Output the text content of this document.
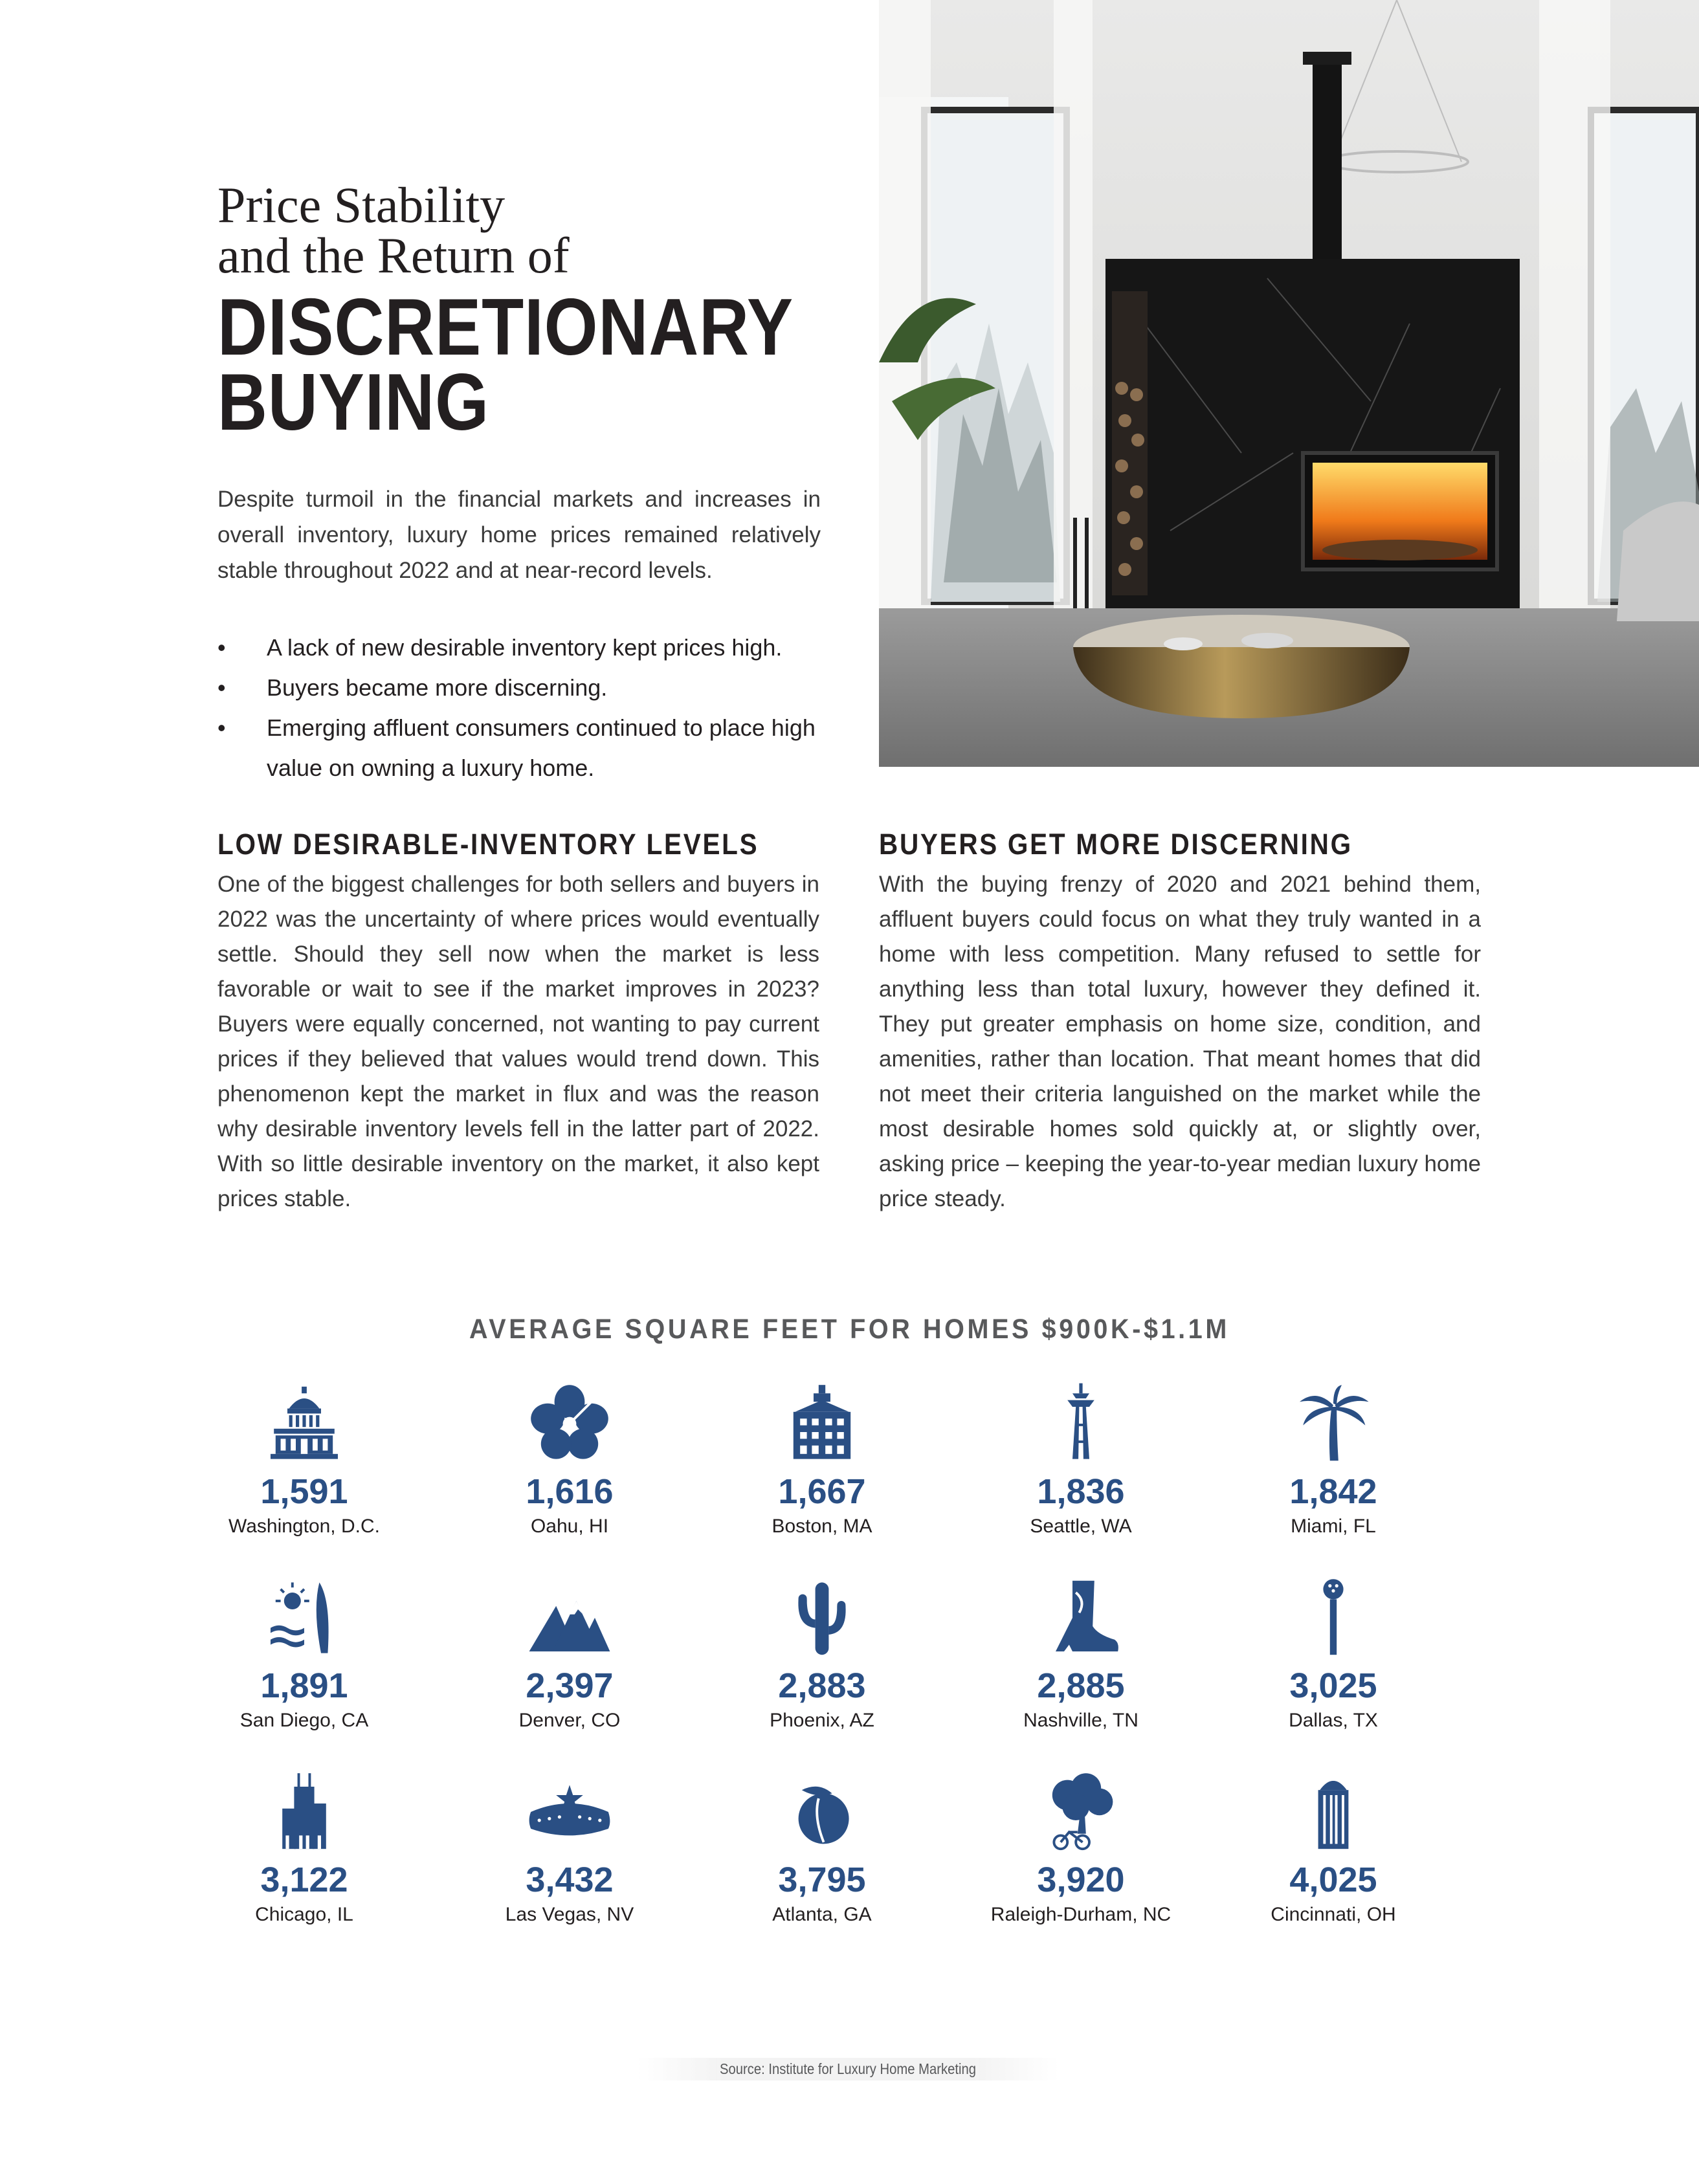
Price Stability
and the Return of
DISCRETIONARY
BUYING
Despite turmoil in the financial markets and increases in overall inventory, luxury home prices remained relatively stable throughout 2022 and at near-record levels.
• A lack of new desirable inventory kept prices high.
• Buyers became more discerning.
• Emerging affluent consumers continued to place high value on owning a luxury home.
LOW DESIRABLE-INVENTORY LEVELS
One of the biggest challenges for both sellers and buyers in 2022 was the uncertainty of where prices would eventually settle. Should they sell now when the market is less favorable or wait to see if the market improves in 2023? Buyers were equally concerned, not wanting to pay current prices if they believed that values would trend down. This phenomenon kept the market in flux and was the reason why desirable inventory levels fell in the latter part of 2022. With so little desirable inventory on the market, it also kept prices stable.
BUYERS GET MORE DISCERNING
With the buying frenzy of 2020 and 2021 behind them, affluent buyers could focus on what they truly wanted in a home with less competition. Many refused to settle for anything less than total luxury, however they defined it. They put greater emphasis on home size, condition, and amenities, rather than location. That meant homes that did not meet their criteria languished on the market while the most desirable homes sold quickly at, or slightly over, asking price – keeping the year-to-year median luxury home price steady.
AVERAGE SQUARE FEET FOR HOMES $900K-$1.1M
1,591
Washington, D.C.
1,616
Oahu, HI
1,667
Boston, MA
1,836
Seattle, WA
1,842
Miami, FL
1,891
San Diego, CA
2,397
Denver, CO
2,883
Phoenix, AZ
2,885
Nashville, TN
3,025
Dallas, TX
3,122
Chicago, IL
3,432
Las Vegas, NV
3,795
Atlanta, GA
3,920
Raleigh-Durham, NC
4,025
Cincinnati, OH
Source: Institute for Luxury Home Marketing
